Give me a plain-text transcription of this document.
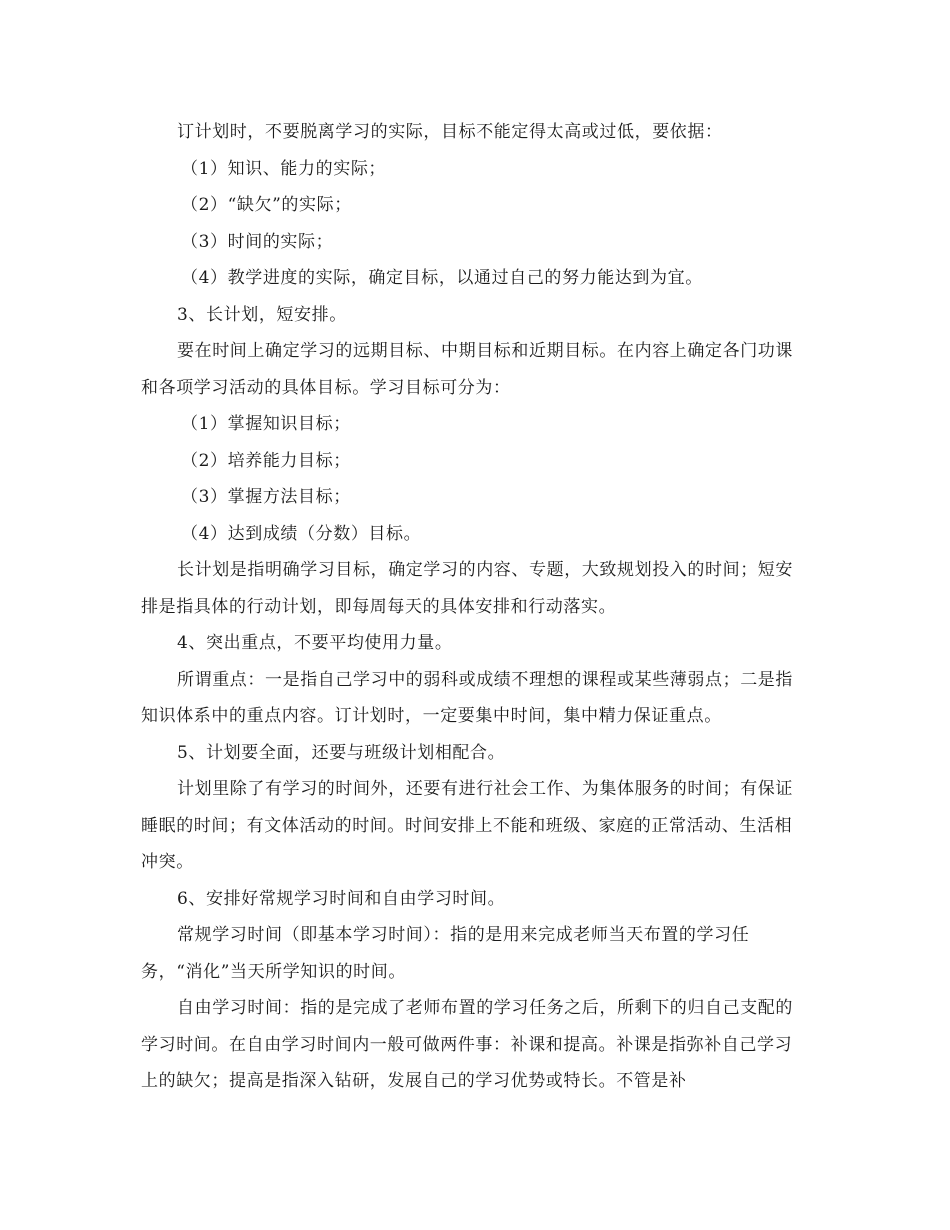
订计划时，不要脱离学习的实际，目标不能定得太高或过低，要依据：

（1）知识、能力的实际；

（2）“缺欠”的实际；

（3）时间的实际；

（4）教学进度的实际，确定目标，以通过自己的努力能达到为宜。

3、长计划，短安排。

要在时间上确定学习的远期目标、中期目标和近期目标。在内容上确定各门功课和各项学习活动的具体目标。学习目标可分为：

（1）掌握知识目标；

（2）培养能力目标；

（3）掌握方法目标；

（4）达到成绩（分数）目标。

长计划是指明确学习目标，确定学习的内容、专题，大致规划投入的时间；短安排是指具体的行动计划，即每周每天的具体安排和行动落实。

4、突出重点，不要平均使用力量。

所谓重点：一是指自己学习中的弱科或成绩不理想的课程或某些薄弱点；二是指知识体系中的重点内容。订计划时，一定要集中时间，集中精力保证重点。

5、计划要全面，还要与班级计划相配合。

计划里除了有学习的时间外，还要有进行社会工作、为集体服务的时间；有保证睡眠的时间；有文体活动的时间。时间安排上不能和班级、家庭的正常活动、生活相冲突。

6、安排好常规学习时间和自由学习时间。

常规学习时间（即基本学习时间）：指的是用来完成老师当天布置的学习任务，“消化”当天所学知识的时间。

自由学习时间：指的是完成了老师布置的学习任务之后，所剩下的归自己支配的学习时间。在自由学习时间内一般可做两件事：补课和提高。补课是指弥补自己学习上的缺欠；提高是指深入钻研，发展自己的学习优势或特长。不管是补
